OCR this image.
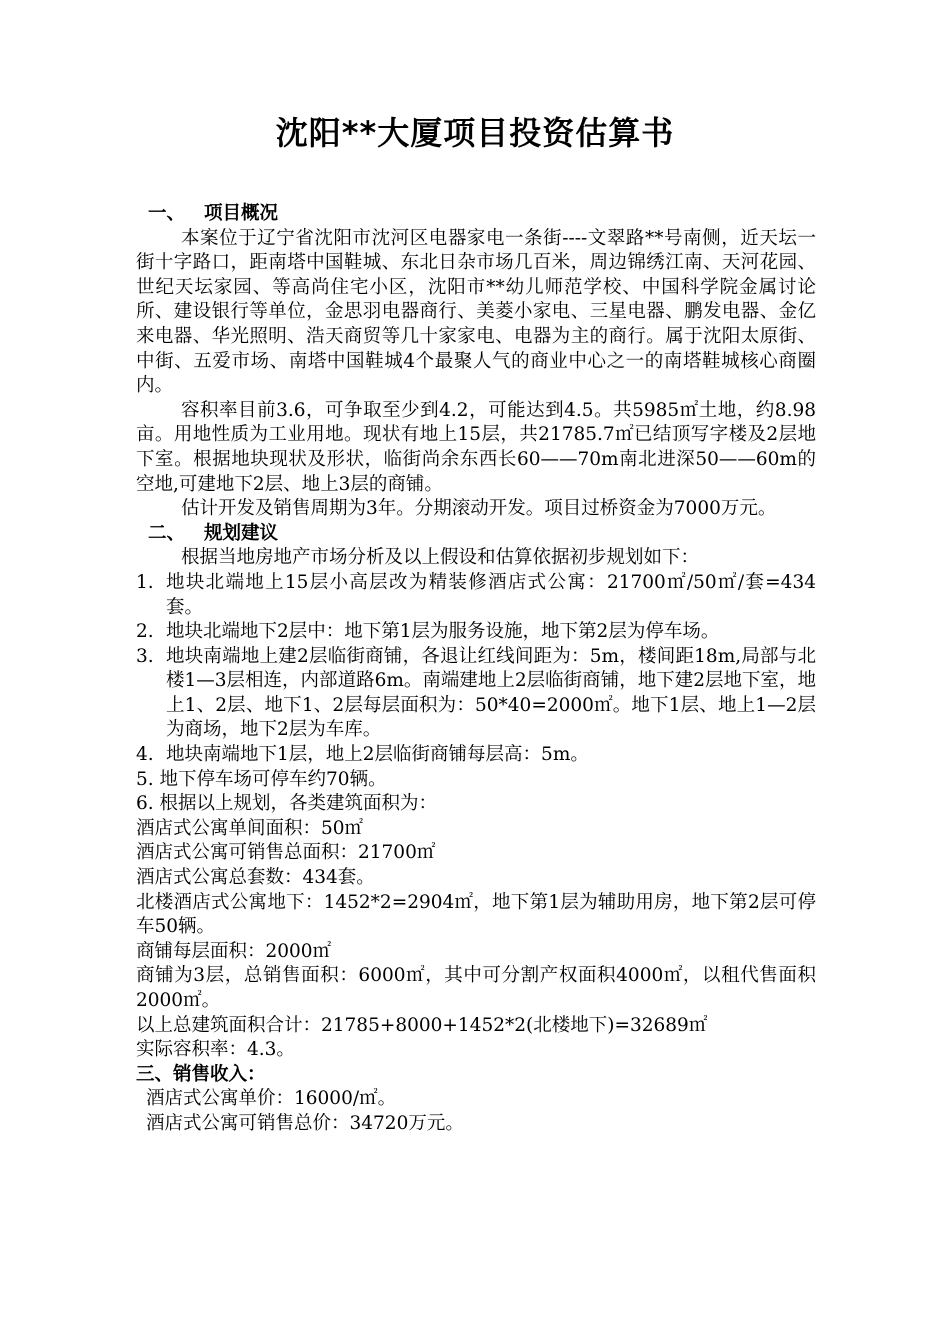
沈阳**大厦项目投资估算书
一、 项目概况
本案位于辽宁省沈阳市沈河区电器家电一条街----文翠路**号南侧，近天坛一街十字路口，距南塔中国鞋城、东北日杂市场几百米，周边锦绣江南、天河花园、世纪天坛家园、等高尚住宅小区，沈阳市**幼儿师范学校、中国科学院金属讨论所、建设银行等单位，金思羽电器商行、美菱小家电、三星电器、鹏发电器、金亿来电器、华光照明、浩天商贸等几十家家电、电器为主的商行。属于沈阳太原街、中街、五爱市场、南塔中国鞋城4个最聚人气的商业中心之一的南塔鞋城核心商圈内。
容积率目前3.6，可争取至少到4.2，可能达到4.5。共5985㎡土地，约8.98亩。用地性质为工业用地。现状有地上15层，共21785.7㎡已结顶写字楼及2层地下室。根据地块现状及形状，临街尚余东西长60——70m南北进深50——60m的空地,可建地下2层、地上3层的商铺。
估计开发及销售周期为3年。分期滚动开发。项目过桥资金为7000万元。
二、 规划建议
根据当地房地产市场分析及以上假设和估算依据初步规划如下：
1. 地块北端地上15层小高层改为精装修酒店式公寓：21700㎡/50㎡/套=434套。
2. 地块北端地下2层中：地下第1层为服务设施，地下第2层为停车场。
3. 地块南端地上建2层临街商铺，各退让红线间距为：5m，楼间距18m,局部与北楼1—3层相连，内部道路6m。南端建地上2层临街商铺，地下建2层地下室，地上1、2层、地下1、2层每层面积为：50*40=2000㎡。地下1层、地上1—2层为商场，地下2层为车库。
4. 地块南端地下1层，地上2层临街商铺每层高：5m。
5. 地下停车场可停车约70辆。
6. 根据以上规划，各类建筑面积为：
酒店式公寓单间面积：50㎡
酒店式公寓可销售总面积：21700㎡
酒店式公寓总套数：434套。
北楼酒店式公寓地下：1452*2=2904㎡，地下第1层为辅助用房，地下第2层可停车50辆。
商铺每层面积：2000㎡
商铺为3层，总销售面积：6000㎡，其中可分割产权面积4000㎡，以租代售面积2000㎡。
以上总建筑面积合计：21785+8000+1452*2(北楼地下)=32689㎡
实际容积率：4.3。
三、销售收入：
酒店式公寓单价：16000/㎡。
酒店式公寓可销售总价：34720万元。
